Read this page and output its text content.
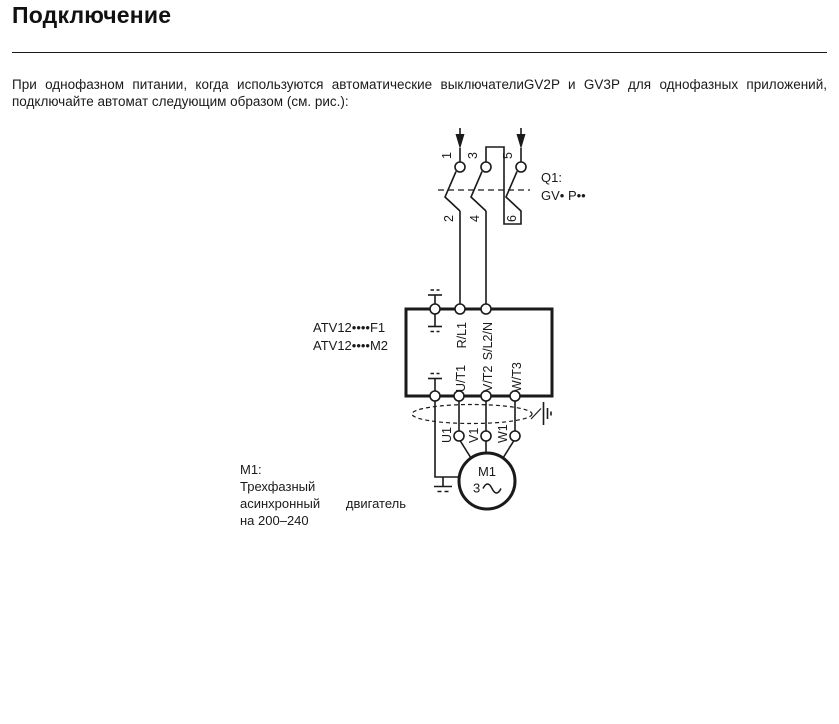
Подключение
При однофазном питании, когда используются автоматические выключателиGV2P и GV3P для однофазных приложений,
подключайте автомат следующим образом (см. рис.):
1
2
3
4
5
6
Q1:
GV• P••
R/L1 S/L2/N
U/T1 V/T2 W/T3
ATV12••••F1
ATV12••••M2
U1 V1 W1
M1
3
M1:
Трехфазный
асинхронный двигатель
на 200–240
